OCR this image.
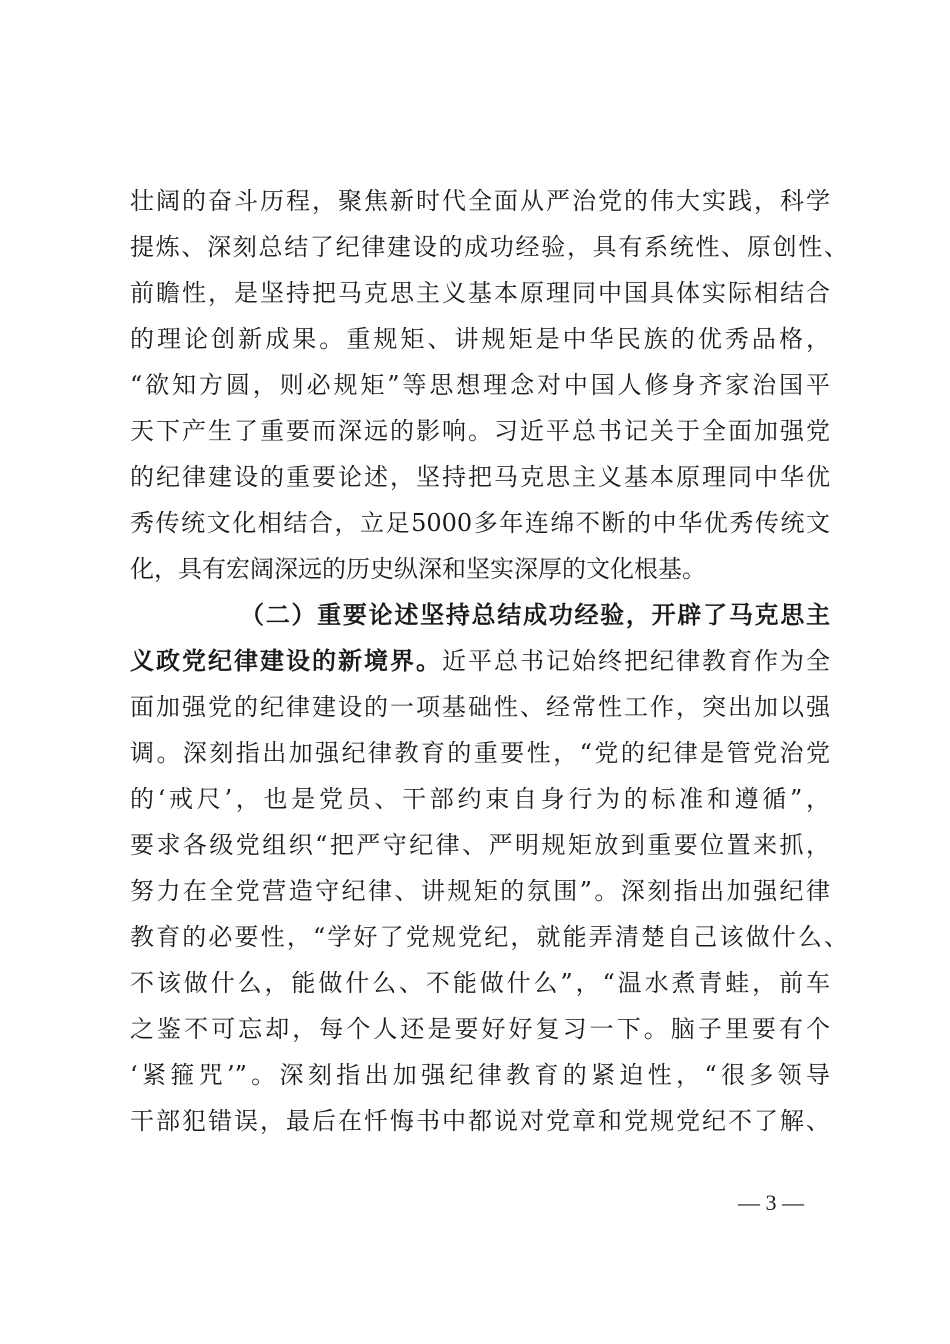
壮阔的奋斗历程，聚焦新时代全面从严治党的伟大实践，科学
提炼、深刻总结了纪律建设的成功经验，具有系统性、原创性、
前瞻性，是坚持把马克思主义基本原理同中国具体实际相结合
的理论创新成果。重规矩、讲规矩是中华民族的优秀品格，
“欲知方圆，则必规矩”等思想理念对中国人修身齐家治国平
天下产生了重要而深远的影响。习近平总书记关于全面加强党
的纪律建设的重要论述，坚持把马克思主义基本原理同中华优
秀传统文化相结合，立足5000多年连绵不断的中华优秀传统文
化，具有宏阔深远的历史纵深和坚实深厚的文化根基。
（二）重要论述坚持总结成功经验，开辟了马克思主
义政党纪律建设的新境界。近平总书记始终把纪律教育作为全
面加强党的纪律建设的一项基础性、经常性工作，突出加以强
调。深刻指出加强纪律教育的重要性，“党的纪律是管党治党
的‘戒尺’，也是党员、干部约束自身行为的标准和遵循”，
要求各级党组织“把严守纪律、严明规矩放到重要位置来抓，
努力在全党营造守纪律、讲规矩的氛围”。深刻指出加强纪律
教育的必要性，“学好了党规党纪，就能弄清楚自己该做什么、
不该做什么，能做什么、不能做什么”，“温水煮青蛙，前车
之鉴不可忘却，每个人还是要好好复习一下。脑子里要有个
‘紧箍咒’”。深刻指出加强纪律教育的紧迫性，“很多领导
干部犯错误，最后在忏悔书中都说对党章和党规党纪不了解、
— 3 —
